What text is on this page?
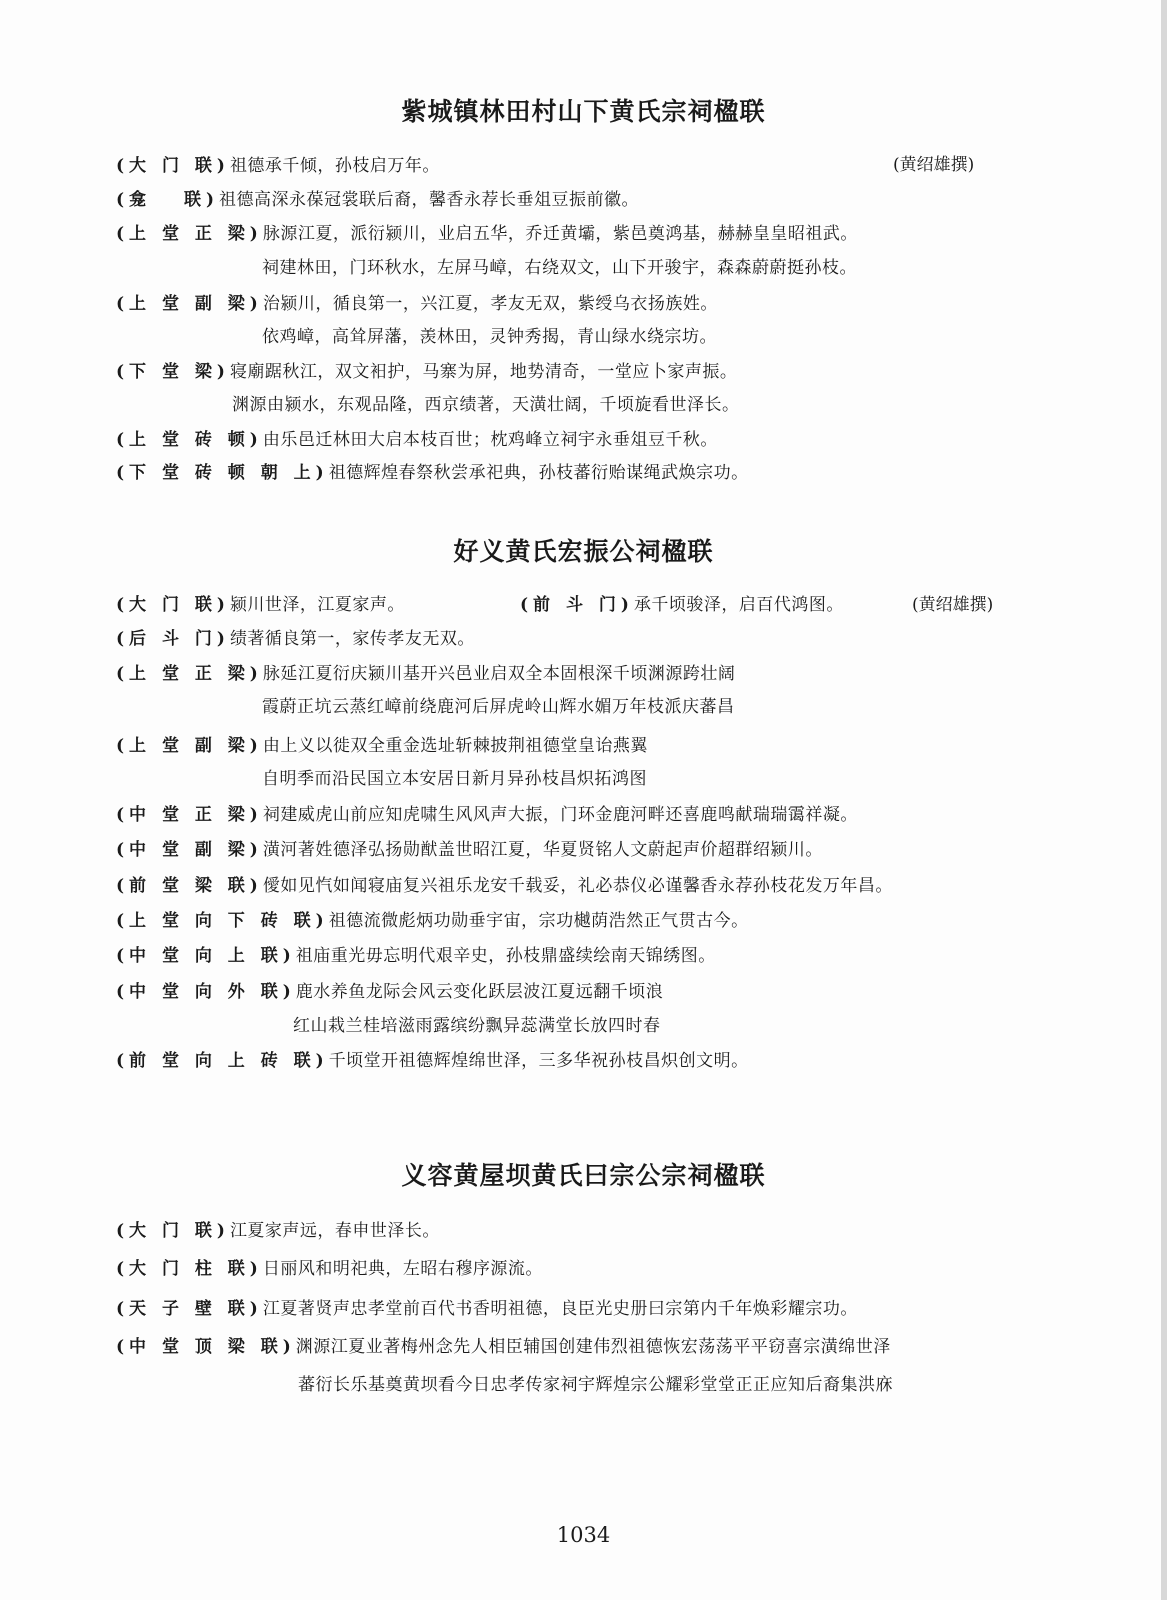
紫城镇林田村山下黄氏宗祠楹联
(黄绍雄撰)
(大 门 联)祖德承千倾，孙枝启万年。
(龛　 联)祖德高深永葆冠裳联后裔，馨香永荐长垂俎豆振前徽。
(上 堂 正 梁)脉源江夏，派衍颍川，业启五华，乔迁黄壩，紫邑奠鸿基，赫赫皇皇昭祖武。
祠建林田，门环秋水，左屏马嶂，右绕双文，山下开骏宇，森森蔚蔚挺孙枝。
(上 堂 副 梁)治颍川，循良第一，兴江夏，孝友无双，紫绶乌衣扬族姓。
依鸡嶂，高耸屏藩，羡林田，灵钟秀揭，青山绿水绕宗坊。
(下 堂 梁)寝廟踞秋江，双文衵护，马寨为屏，地势清奇，一堂应卜家声振。
渊源由颍水，东观品隆，西京绩著，天潢壮阔，千顷旋看世泽长。
(上 堂 砖 顿)由乐邑迁林田大启本枝百世；枕鸡峰立祠宇永垂俎豆千秋。
(下 堂 砖 顿 朝 上)祖德辉煌春祭秋尝承祀典，孙枝蕃衍贻谋绳武焕宗功。
好义黄氏宏振公祠楹联
(大 门 联)颍川世泽，江夏家声。	(前 斗 门)承千顷骏泽，启百代鸿图。	(黄绍雄撰)
(后 斗 门)绩著循良第一，家传孝友无双。
(上 堂 正 梁)脉延江夏衍庆颍川基开兴邑业启双全本固根深千顷渊源跨壮阔
霞蔚正坑云蒸红嶂前绕鹿河后屏虎岭山辉水媚万年枝派庆蕃昌
(上 堂 副 梁)由上义以徙双全重金选址斩棘披荆祖德堂皇诒燕翼
自明季而沿民国立本安居日新月异孙枝昌炽拓鸿图
(中 堂 正 梁)祠建威虎山前应知虎啸生风风声大振，门环金鹿河畔还喜鹿鸣献瑞瑞霭祥凝。
(中 堂 副 梁)潢河著姓德泽弘扬勋猷盖世昭江夏，华夏贤铭人文蔚起声价超群绍颍川。
(前 堂 梁 联)僾如见忾如闻寝庙复兴祖乐龙安千载妥，礼必恭仪必谨馨香永荐孙枝花发万年昌。
(上 堂 向 下 砖 联)祖德流微彪炳功勋垂宇宙，宗功樾荫浩然正气贯古今。
(中 堂 向 上 联)祖庙重光毋忘明代艰辛史，孙枝鼎盛续绘南天锦绣图。
(中 堂 向 外 联)鹿水养鱼龙际会风云变化跃层波江夏远翻千顷浪
红山栽兰桂培滋雨露缤纷飘异蕊满堂长放四时春
(前 堂 向 上 砖 联)千顷堂开祖德辉煌绵世泽，三多华祝孙枝昌炽创文明。
义容黄屋坝黄氏曰宗公宗祠楹联
(大 门 联)江夏家声远，春申世泽长。
(大 门 柱 联)日丽风和明祀典，左昭右穆序源流。
(天 子 壁 联)江夏著贤声忠孝堂前百代书香明祖德，良臣光史册曰宗第内千年焕彩耀宗功。
(中 堂 顶 梁 联)渊源江夏业著梅州念先人相臣辅国创建伟烈祖德恢宏荡荡平平窃喜宗潢绵世泽
蕃衍长乐基奠黄坝看今日忠孝传家祠宇辉煌宗公耀彩堂堂正正应知后裔集洪庥
1034
